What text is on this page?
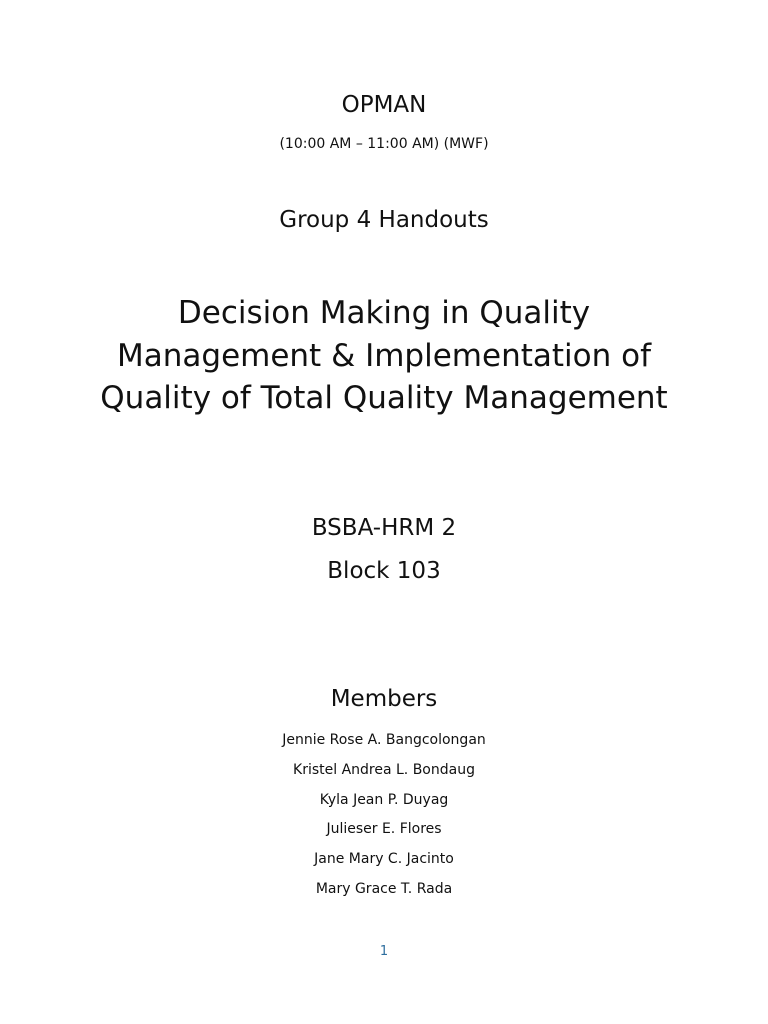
OPMAN
(10:00 AM – 11:00 AM) (MWF)
Group 4 Handouts
Decision Making in Quality Management & Implementation of Quality of Total Quality Management
BSBA-HRM 2
Block 103
Members
Jennie Rose A. Bangcolongan
Kristel Andrea L. Bondaug
Kyla Jean P. Duyag
Julieser E. Flores
Jane Mary C. Jacinto
Mary Grace T. Rada
1
